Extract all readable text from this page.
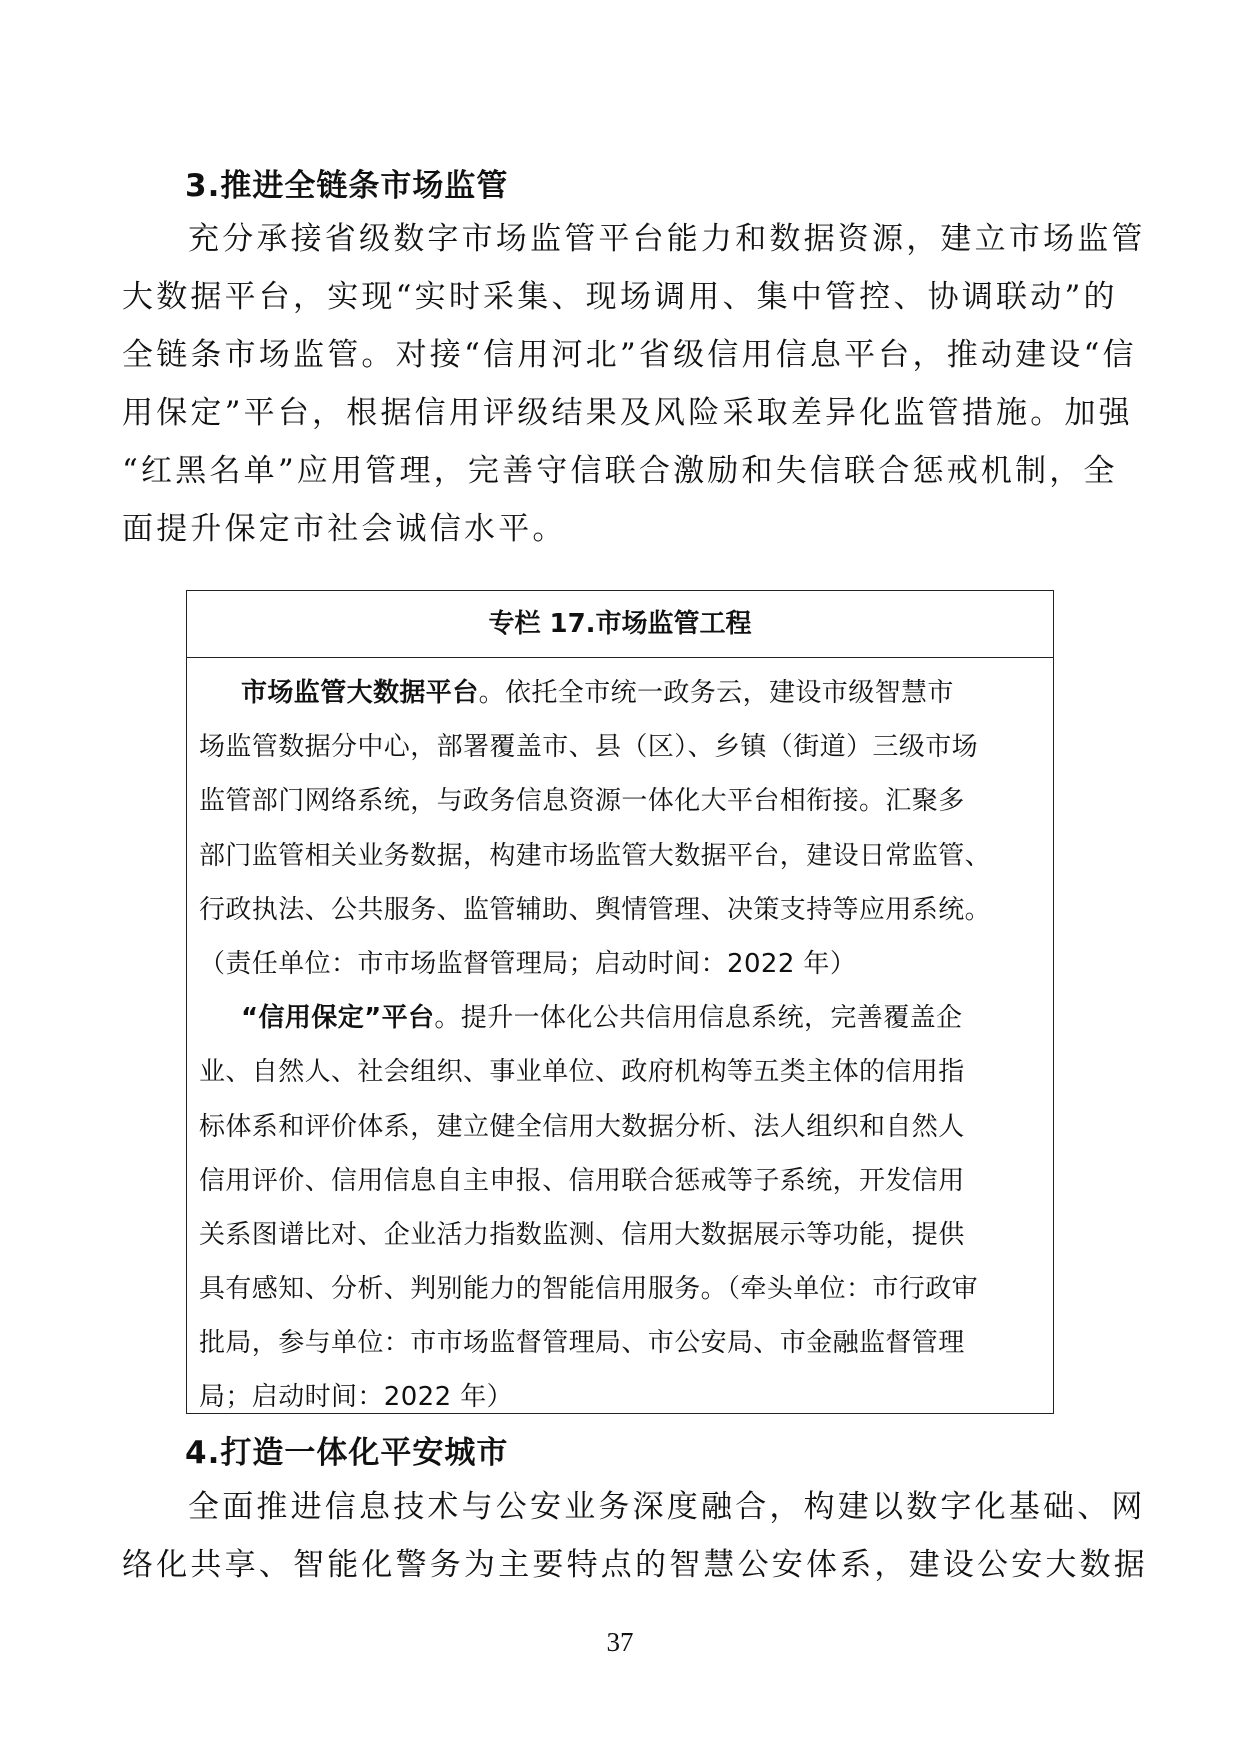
3.推进全链条市场监管
充分承接省级数字市场监管平台能力和数据资源，建立市场监管
大数据平台，实现“实时采集、现场调用、集中管控、协调联动”的
全链条市场监管。对接“信用河北”省级信用信息平台，推动建设“信
用保定”平台，根据信用评级结果及风险采取差异化监管措施。加强
“红黑名单”应用管理，完善守信联合激励和失信联合惩戒机制，全
面提升保定市社会诚信水平。
专栏 17.市场监管工程
市场监管大数据平台。依托全市统一政务云，建设市级智慧市
场监管数据分中心，部署覆盖市、县（区）、乡镇（街道）三级市场
监管部门网络系统，与政务信息资源一体化大平台相衔接。汇聚多
部门监管相关业务数据，构建市场监管大数据平台，建设日常监管、
行政执法、公共服务、监管辅助、舆情管理、决策支持等应用系统。
（责任单位：市市场监督管理局；启动时间：2022 年）
“信用保定”平台。提升一体化公共信用信息系统，完善覆盖企
业、自然人、社会组织、事业单位、政府机构等五类主体的信用指
标体系和评价体系，建立健全信用大数据分析、法人组织和自然人
信用评价、信用信息自主申报、信用联合惩戒等子系统，开发信用
关系图谱比对、企业活力指数监测、信用大数据展示等功能，提供
具有感知、分析、判别能力的智能信用服务。（牵头单位：市行政审
批局，参与单位：市市场监督管理局、市公安局、市金融监督管理
局；启动时间：2022 年）
4.打造一体化平安城市
全面推进信息技术与公安业务深度融合，构建以数字化基础、网
络化共享、智能化警务为主要特点的智慧公安体系，建设公安大数据
37
